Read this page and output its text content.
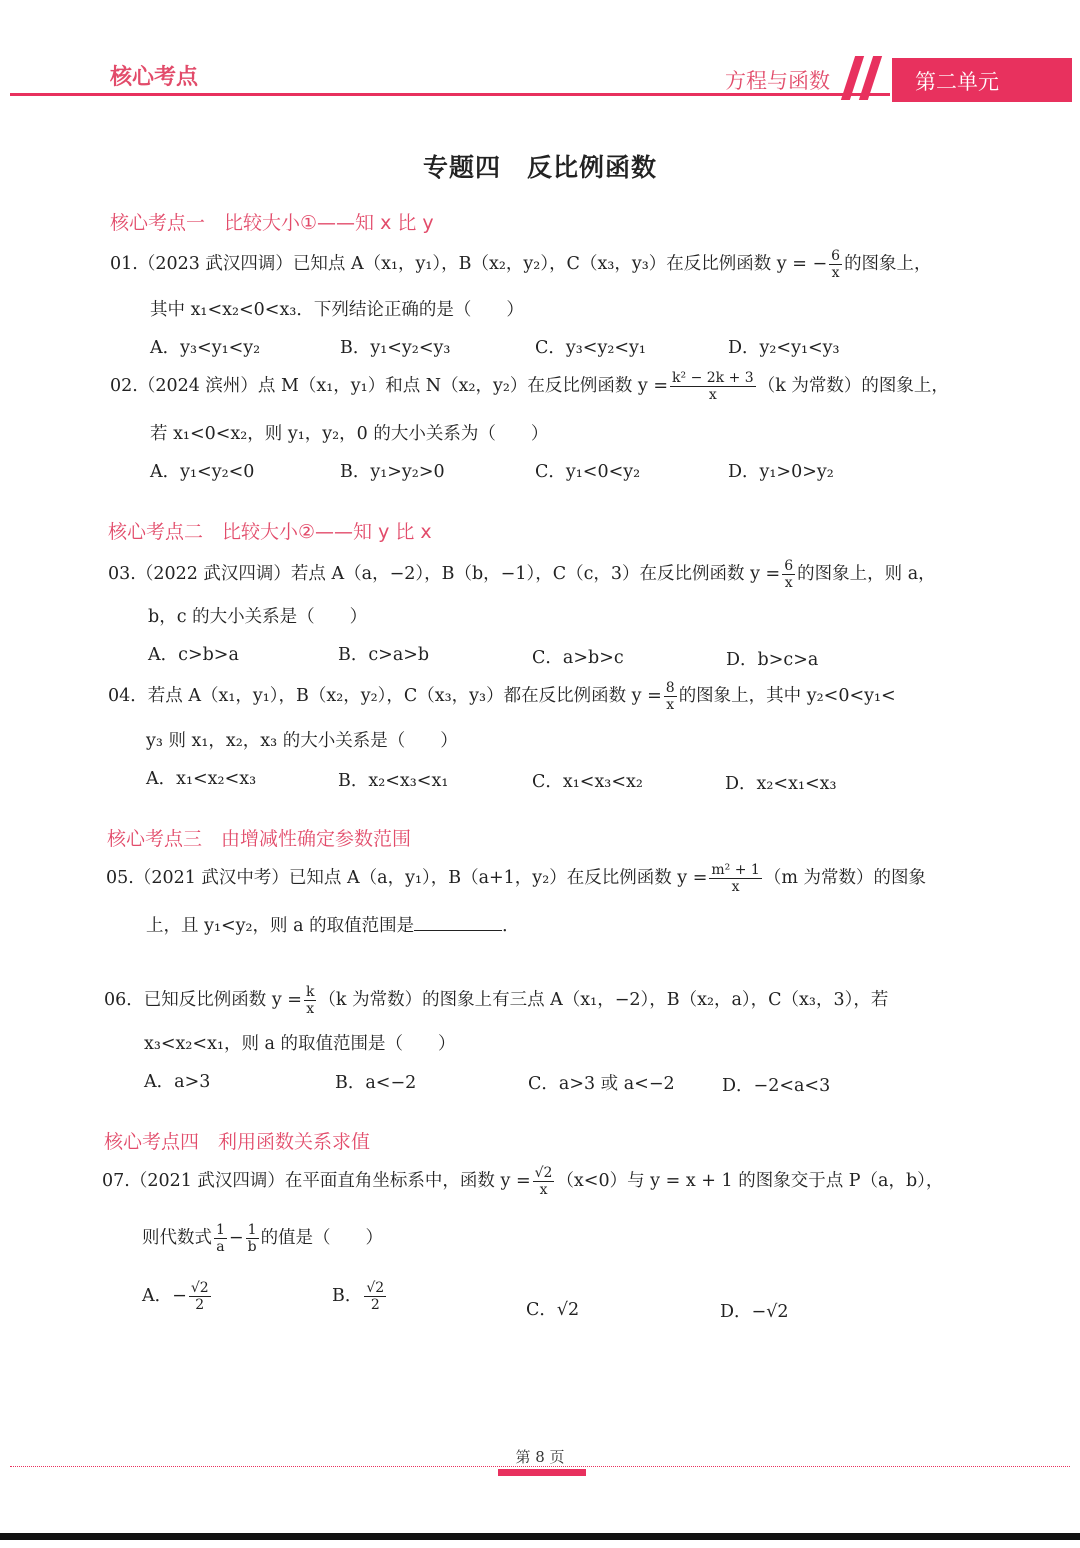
核心考点	方程与函数	第二单元
专题四　反比例函数
核心考点一　比较大小①——知 x 比 y
01.（2023 武汉四调）已知点 A（x₁，y₁），B（x₂，y₂），C（x₃，y₃）在反比例函数 y = − $\frac{6}{x}$ 的图象上，
其中 x₁<x₂<0<x₃．下列结论正确的是（　　）
A．y₃<y₁<y₂	B．y₁<y₂<y₃	C．y₃<y₂<y₁	D．y₂<y₁<y₃
02.（2024 滨州）点 M（x₁，y₁）和点 N（x₂，y₂）在反比例函数 $y = \frac{\text{k² − 2k + 3}}{x} (k$ 为常数）的图象上，
若 x₁<0<x₂，则 y₁，y₂，0 的大小关系为（　　）
A．y₁<y₂<0	B．y₁>y₂>0	C．y₁<0<y₂	D．y₁>0>y₂
核心考点二　比较大小②——知 y 比 x
03.（2022 武汉四调）若点 A（a，−2），B（b，−1），C（c，3）在反比例函数 $y = \frac{6}{x}$ 的图象上，则 a，
b，c 的大小关系是（　　）
A．c>b>a	B．c>a>b	C．a>b>c	D．b>c>a
04．若点 A（x₁，y₁），B（x₂，y₂），C（x₃，y₃）都在反比例函数 $y = \frac{8}{x}$ 的图象上，其中 y₂<0<y₁<
y₃ 则 x₁，x₂，x₃ 的大小关系是（　　）
A．x₁<x₂<x₃	B．x₂<x₃<x₁	C．x₁<x₃<x₂	D．x₂<x₁<x₃
核心考点三　由增减性确定参数范围
05.（2021 武汉中考）已知点 A（a，y₁），B（a+1，y₂）在反比例函数 $y = \frac{\text{m² + 1}}{x} (m$ 为常数）的图象
上，且 y₁<y₂，则 a 的取值范围是	．
06．已知反比例函数 $y = \frac{k}{x} (k$ 为常数）的图象上有三点 A（x₁，−2），B（x₂，a），C（x₃，3），若
x₃<x₂<x₁，则 a 的取值范围是（　　）
A．a>3	B．a<−2	C．a>3 或 a<−2	D．−2<a<3
核心考点四　利用函数关系求值
07.（2021 武汉四调）在平面直角坐标系中，函数 $y = \frac{√2}{x} (x<0)$与 y = x + 1 的图象交于点 P（a，b），
则代数式 $\frac{1}{a} - \frac{1}{b}$ 的值是（　　）
A．− $\frac{√2}{2}$	B． $\frac{√2}{2}$	C．√2	D．−√2
第 8 页
